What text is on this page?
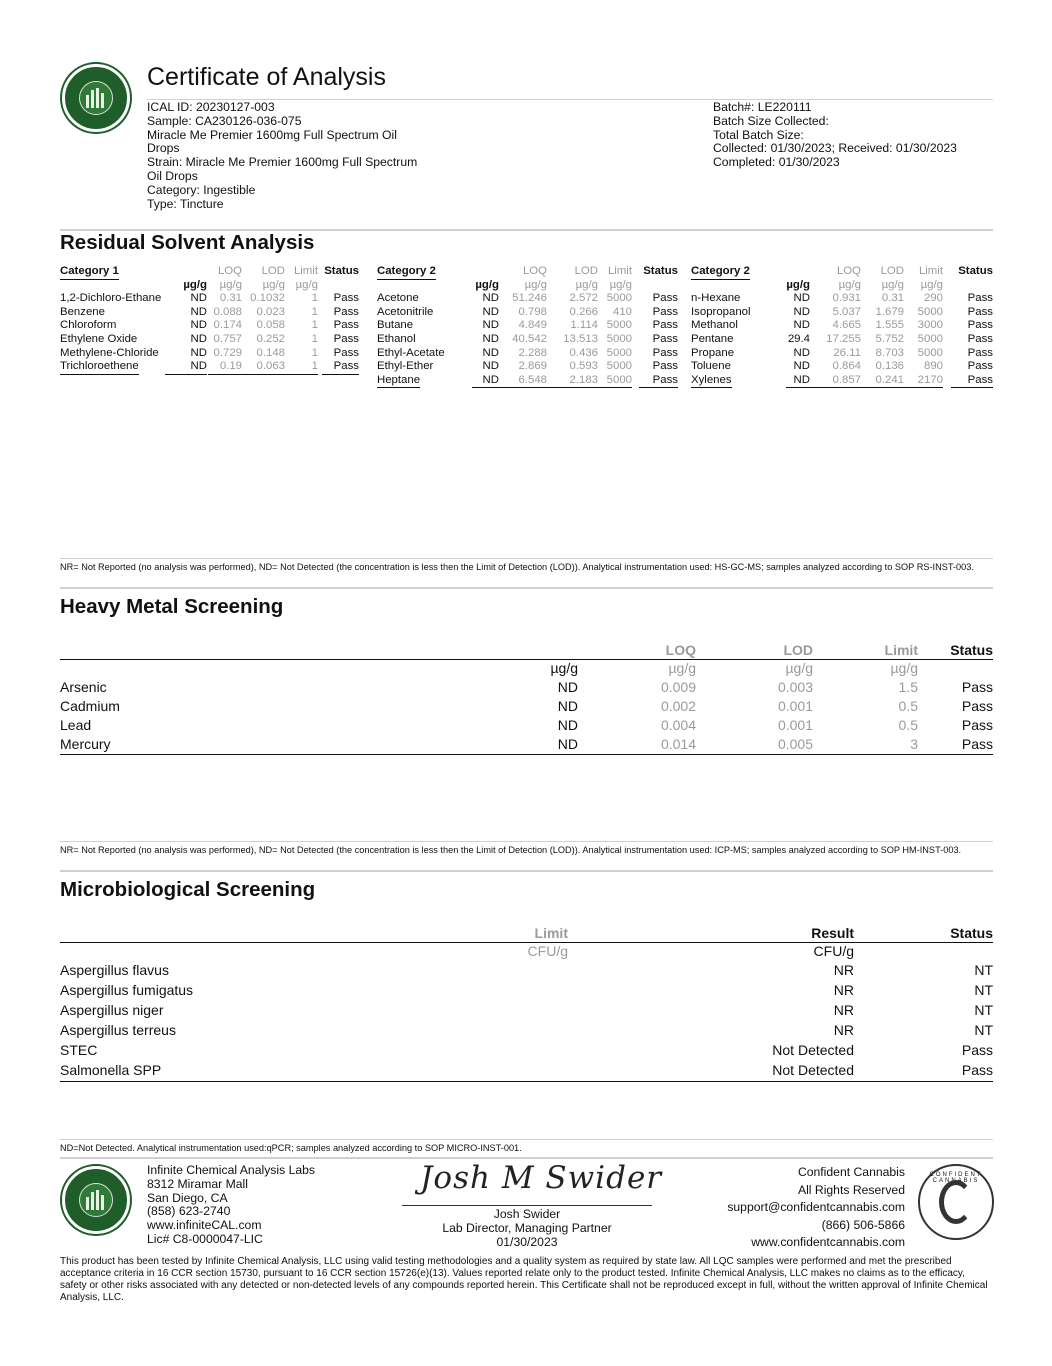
Certificate of Analysis
ICAL ID: 20230127-003
Sample: CA230126-036-075
Miracle Me Premier 1600mg Full Spectrum Oil
Drops
Strain: Miracle Me Premier 1600mg Full Spectrum
Oil Drops
Category: Ingestible
Type: Tincture
Batch#: LE220111
Batch Size Collected:
Total Batch Size:
Collected: 01/30/2023; Received: 01/30/2023
Completed: 01/30/2023
Residual Solvent Analysis
Category 1	LOQ	LOD Limit Status
µg/g	µg/g	µg/g µg/g
1,2-Dichloro-Ethane	ND	0.31 0.1032	1	Pass
Benzene	ND 0.088	0.023	1	Pass
Chloroform	ND 0.174	0.058	1	Pass
Ethylene Oxide	ND 0.757	0.252	1	Pass
Methylene-Chloride	ND 0.729	0.148	1	Pass
Trichloroethene	ND	0.19	0.063	1	Pass
Category 2	LOQ	LOD Limit Status
µg/g	µg/g	µg/g	µg/g
Acetone	ND	51.246	2.572 5000	Pass
Acetonitrile	ND	0.798	0.266	410	Pass
Butane	ND	4.849	1.114 5000	Pass
Ethanol	ND	40.542	13.513 5000	Pass
Ethyl-Acetate	ND	2.288	0.436 5000	Pass
Ethyl-Ether	ND	2.869	0.593 5000	Pass
Heptane	ND	6.548	2.183 5000	Pass
Category 2	LOQ	LOD	Limit	Status
µg/g	µg/g	µg/g	µg/g
n-Hexane	ND	0.931	0.31	290	Pass
Isopropanol	ND	5.037	1.679	5000	Pass
Methanol	ND	4.665	1.555	3000	Pass
Pentane	29.4	17.255	5.752	5000	Pass
Propane	ND	26.11	8.703	5000	Pass
Toluene	ND	0.864	0.136	890	Pass
Xylenes	ND	0.857	0.241	2170	Pass
NR= Not Reported (no analysis was performed), ND= Not Detected (the concentration is less then the Limit of Detection (LOD)). Analytical instrumentation used: HS-GC-MS; samples analyzed according to SOP RS-INST-003.
Heavy Metal Screening
LOQ	LOD	Limit	Status
µg/g	µg/g	µg/g	µg/g
Arsenic	ND	0.009	0.003	1.5	Pass
Cadmium	ND	0.002	0.001	0.5	Pass
Lead	ND	0.004	0.001	0.5	Pass
Mercury	ND	0.014	0.005	3	Pass
NR= Not Reported (no analysis was performed), ND= Not Detected (the concentration is less then the Limit of Detection (LOD)). Analytical instrumentation used: ICP-MS; samples analyzed according to SOP HM-INST-003.
Microbiological Screening
Limit	Result	Status
CFU/g	CFU/g
Aspergillus flavus	NR	NT
Aspergillus fumigatus	NR	NT
Aspergillus niger	NR	NT
Aspergillus terreus	NR	NT
STEC	Not Detected	Pass
Salmonella SPP	Not Detected	Pass
ND=Not Detected. Analytical instrumentation used:qPCR; samples analyzed according to SOP MICRO-INST-001.
Infinite Chemical Analysis Labs
8312 Miramar Mall
San Diego, CA
(858) 623-2740
www.infiniteCAL.com
Lic# C8-0000047-LIC
Josh M Swider
Josh Swider
Lab Director, Managing Partner
01/30/2023
Confident Cannabis
All Rights Reserved
support@confidentcannabis.com
(866) 506-5866
www.confidentcannabis.com
CONFIDENT CANNABIS
This product has been tested by Infinite Chemical Analysis, LLC using valid testing methodologies and a quality system as required by state law. All LQC samples were performed and met the prescribed acceptance criteria in 16 CCR section 15730, pursuant to 16 CCR section 15726(e)(13). Values reported relate only to the product tested. Infinite Chemical Analysis, LLC makes no claims as to the efficacy, safety or other risks associated with any detected or non-detected levels of any compounds reported herein. This Certificate shall not be reproduced except in full, without the written approval of Infinite Chemical Analysis, LLC.
